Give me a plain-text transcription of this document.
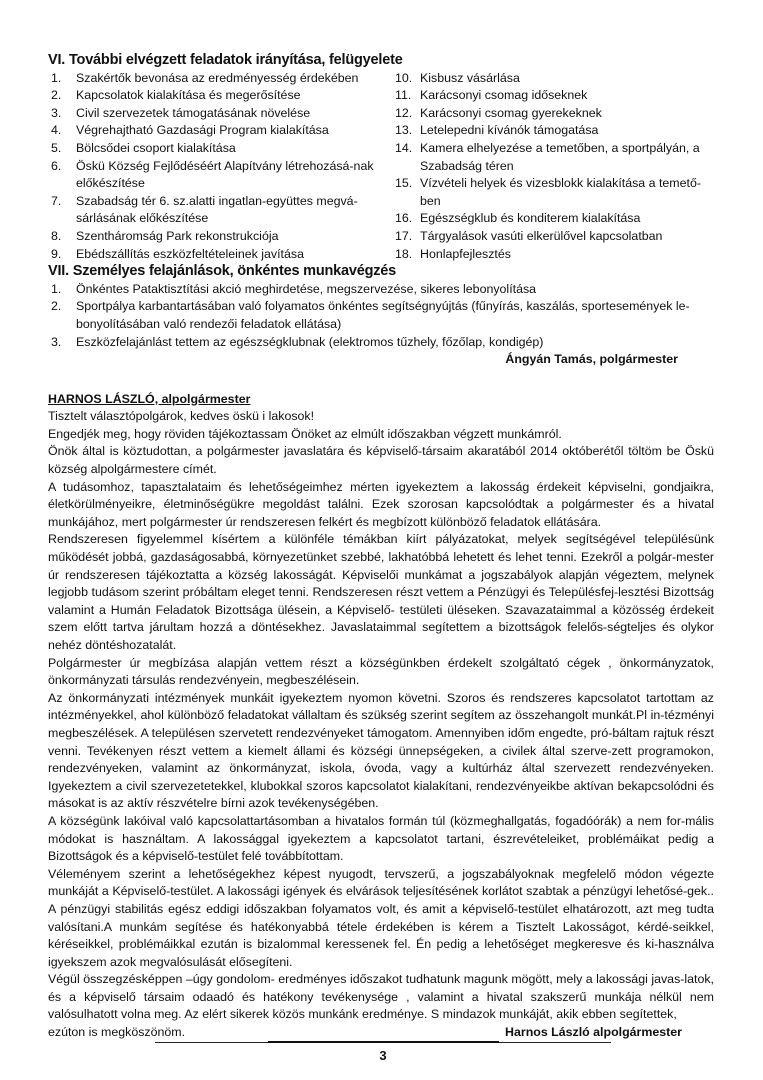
VI. További elvégzett feladatok irányítása, felügyelete
1.	Szakértők bevonása az eredményesség érdekében
2.	Kapcsolatok kialakítása és megerősítése
3.	Civil szervezetek támogatásának növelése
4.	Végrehajtható Gazdasági Program kialakítása
5.	Bölcsődei csoport kialakítása
6.	Öskü Község Fejlődéséért Alapítvány létrehozásá-nak előkészítése
7.	Szabadság tér 6. sz.alatti ingatlan-együttes megvá-sárlásának előkészítése
8.	Szentháromság Park rekonstrukciója
9.	Ebédszállítás eszközfeltételeinek javítása
10. Kisbusz vásárlása
11. Karácsonyi csomag időseknek
12. Karácsonyi csomag gyerekeknek
13. Letelepedni kívánók támogatása
14. Kamera elhelyezése a temetőben, a sportpályán, a Szabadság téren
15. Vízvételi helyek és vizesblokk kialakítása a temető-ben
16. Egészségklub és konditerem kialakítása
17. Tárgyalások vasúti elkerülővel kapcsolatban
18. Honlapfejlesztés
VII. Személyes felajánlások, önkéntes munkavégzés
1.	Önkéntes Pataktisztítási akció meghirdetése, megszervezése, sikeres lebonyolítása
2.	Sportpálya karbantartásában való folyamatos önkéntes segítségnyújtás (fűnyírás, kaszálás, sportesemények le-bonyolításában való rendezői feladatok ellátása)
3.	Eszközfelajánlást tettem az egészségklubnak (elektromos tűzhely, főzőlap, kondigép)
Ángyán Tamás, polgármester
HARNOS LÁSZLÓ, alpolgármester

Tisztelt választópolgárok, kedves öskü i lakosok!

Engedjék meg, hogy röviden tájékoztassam Önöket az elmúlt időszakban végzett munkámról.

Önök által is köztudottan, a polgármester javaslatára és képviselő-társaim akaratából 2014 októberétől töltöm be Öskü község alpolgármestere címét.

A tudásomhoz, tapasztalataim és lehetőségeimhez mérten igyekeztem a lakosság érdekeit képviselni, gondjaikra, életkörülményeikre, életminőségükre megoldást találni. Ezek szorosan kapcsolódtak a polgármester és a hivatal munkájához, mert polgármester úr rendszeresen felkért és megbízott különböző feladatok ellátására.

Rendszeresen figyelemmel kísértem a különféle témákban kiírt pályázatokat, melyek segítségével településünk működését jobbá, gazdaságosabbá, környezetünket szebbé, lakhatóbbá lehetett és lehet tenni. Ezekről a polgár-mester úr rendszeresen tájékoztatta a község lakosságát. Képviselői munkámat a jogszabályok alapján végeztem, melynek legjobb tudásom szerint próbáltam eleget tenni. Rendszeresen részt vettem a Pénzügyi és Településfej-lesztési Bizottság valamint a Humán Feladatok Bizottsága ülésein, a Képviselő- testületi üléseken. Szavazataimmal a közösség érdekeit szem előtt tartva járultam hozzá a döntésekhez. Javaslataimmal segítettem a bizottságok felelős-ségteljes és olykor nehéz döntéshozatalát.

Polgármester úr megbízása alapján vettem részt a községünkben érdekelt szolgáltató cégek , önkormányzatok, önkormányzati társulás rendezvényein, megbeszélésein.

Az önkormányzati intézmények munkáit igyekeztem nyomon követni. Szoros és rendszeres kapcsolatot tartottam az intézményekkel, ahol különböző feladatokat vállaltam és szükség szerint segítem az összehangolt munkát.Pl in-tézményi megbeszélések. A településen szervetett rendezvényeket támogatom. Amennyiben időm engedte, pró-báltam rajtuk részt venni. Tevékenyen részt vettem a kiemelt állami és községi ünnepségeken, a civilek által szerve-zett programokon, rendezvényeken, valamint az önkormányzat, iskola, óvoda, vagy a kultúrház által szervezett rendezvényeken. Igyekeztem a civil szervezetetekkel, klubokkal szoros kapcsolatot kialakítani, rendezvényeikbe aktívan bekapcsolódni és másokat is az aktív részvételre bírni azok tevékenységében.

A községünk lakóival való kapcsolattartásomban a hivatalos formán túl (közmeghallgatás, fogadóórák) a nem for-mális módokat is használtam. A lakossággal igyekeztem a kapcsolatot tartani, észrevételeiket, problémáikat pedig a Bizottságok és a képviselő-testület felé továbbítottam.

Véleményem szerint a lehetőségekhez képest nyugodt, tervszerű, a jogszabályoknak megfelelő módon végezte munkáját a Képviselő-testület. A lakossági igények és elvárások teljesítésének korlátot szabtak a pénzügyi lehetősé-gek.. A pénzügyi stabilitás egész eddigi időszakban folyamatos volt, és amit a képviselő-testület elhatározott, azt meg tudta valósítani.A munkám segítése és hatékonyabbá tétele érdekében is kérem a Tisztelt Lakosságot, kérdé-seikkel, kéréseikkel, problémáikkal ezután is bizalommal keressenek fel. Én pedig a lehetőséget megkeresve és ki-használva igyekszem azok megvalósulását elősegíteni.

Végül összegzésképpen –úgy gondolom- eredményes időszakot tudhatunk magunk mögött, mely a lakossági javas-latok, és a képviselő társaim odaadó és hatékony tevékenysége , valamint a hivatal szakszerű munkája nélkül nem valósulhatott volna meg. Az elért sikerek közös munkánk eredménye. S mindazok munkáját, akik ebben segítettek,

ezúton is megköszönöm.	Harnos László alpolgármester
3
